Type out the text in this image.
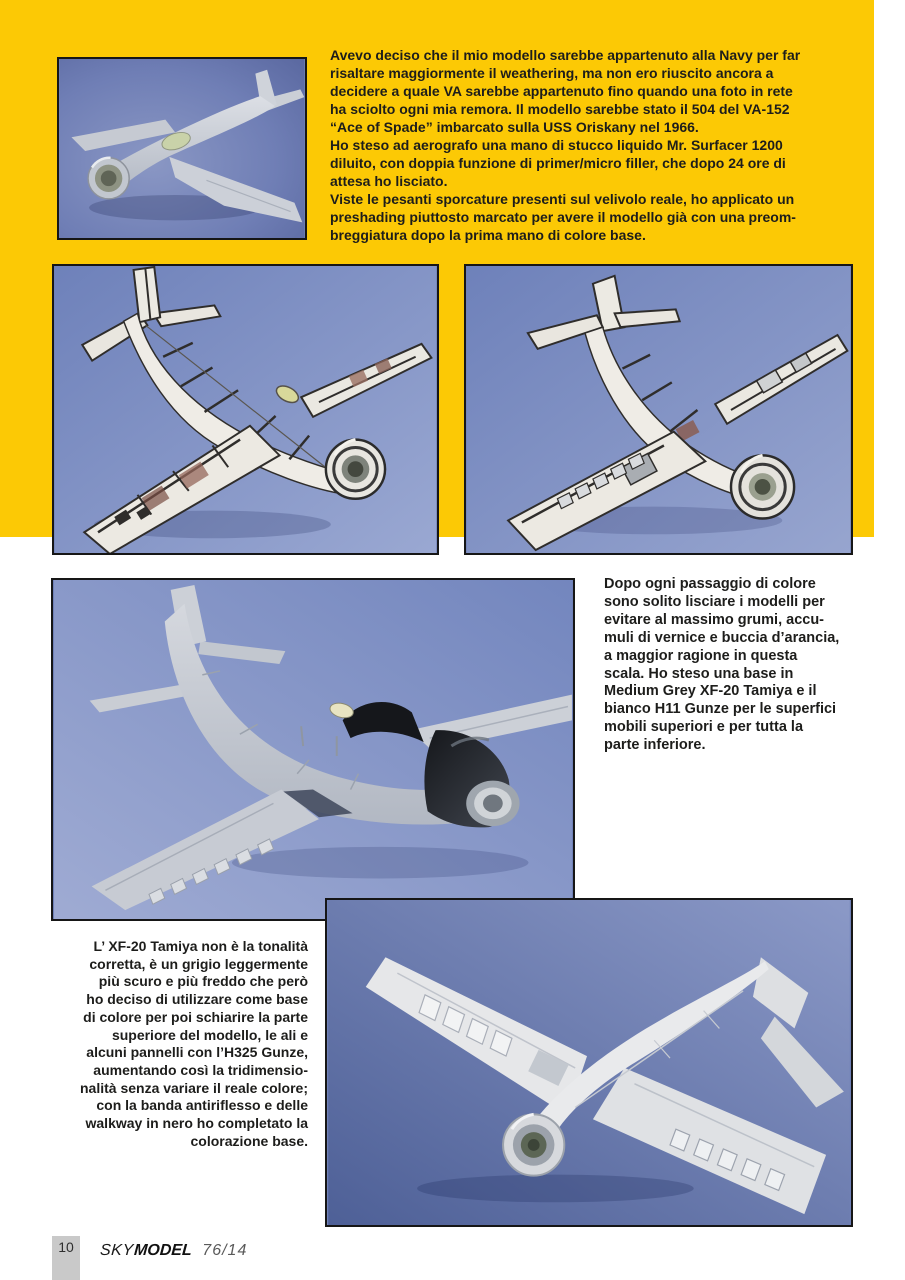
Avevo deciso che il mio modello sarebbe appartenuto alla Navy per far
risaltare maggiormente il weathering, ma non ero riuscito ancora a
decidere a quale VA sarebbe appartenuto fino quando una foto in rete
ha sciolto ogni mia remora. Il modello sarebbe stato il 504 del VA-152
“Ace of Spade” imbarcato sulla USS Oriskany nel 1966.
Ho steso ad aerografo una mano di stucco liquido Mr. Surfacer 1200
diluito, con doppia funzione di primer/micro filler, che dopo 24 ore di
attesa ho lisciato.
Viste le pesanti sporcature presenti sul velivolo reale, ho applicato un
preshading piuttosto marcato per avere il modello già con una preom-
breggiatura dopo la prima mano di colore base.
Dopo ogni passaggio di colore
sono solito lisciare i modelli per
evitare al massimo grumi, accu-
muli di vernice e buccia d’arancia,
a maggior ragione in questa
scala. Ho steso una base in
Medium Grey XF-20 Tamiya e il
bianco H11 Gunze per le superfici
mobili superiori e per tutta la
parte inferiore.
L’ XF-20 Tamiya non è la tonalità
corretta, è un grigio leggermente
più scuro e più freddo che però
ho deciso di utilizzare come base
di colore per poi schiarire la parte
superiore del modello, le ali e
alcuni pannelli con l’H325 Gunze,
aumentando così la tridimensio-
nalità senza variare il reale colore;
con la banda antiriflesso e delle
walkway in nero ho completato la
colorazione base.
10	SKY
MODEL 76/14
